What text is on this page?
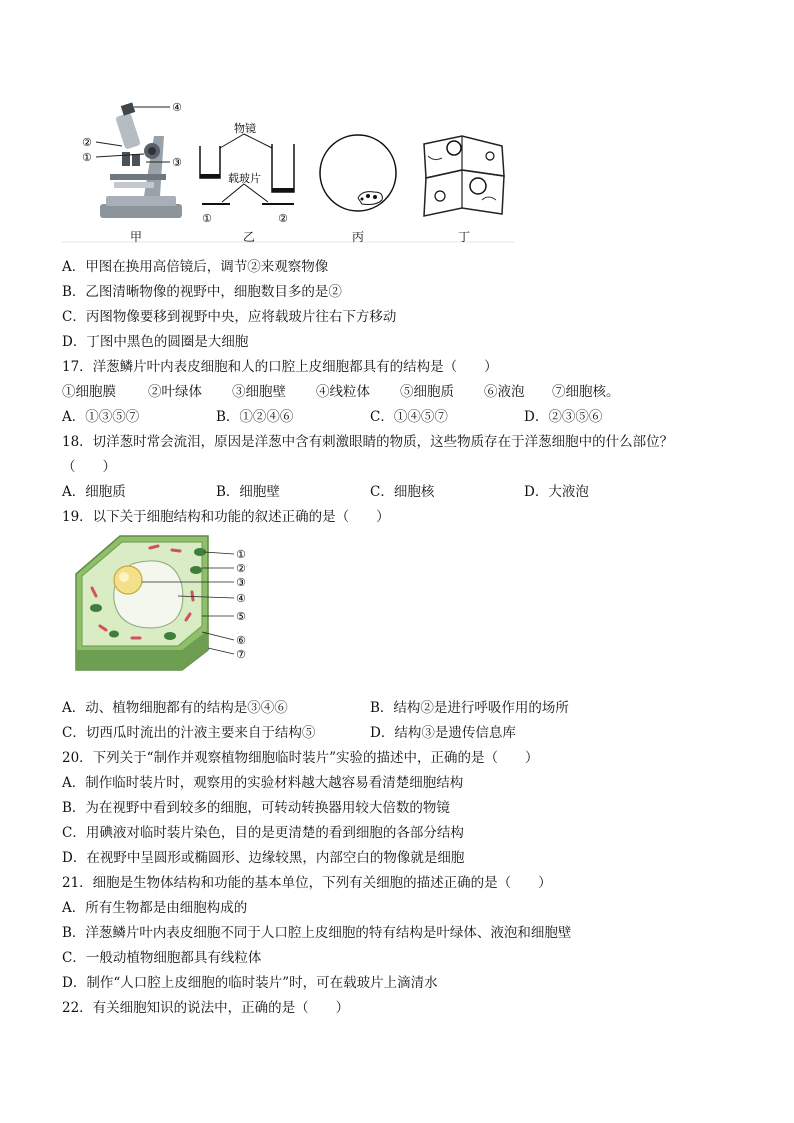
④
②
①	③
物镜
载玻片
①	②
甲	乙	丙	丁
A．甲图在换用高倍镜后，调节②来观察物像
B．乙图清晰物像的视野中，细胞数目多的是②
C．丙图物像要移到视野中央，应将载玻片往右下方移动
D．丁图中黑色的圆圈是大细胞
17．洋葱鳞片叶内表皮细胞和人的口腔上皮细胞都具有的结构是（　　）
①细胞膜 ②叶绿体 ③细胞壁 ④线粒体 ⑤细胞质 ⑥液泡 ⑦细胞核。
A．①③⑤⑦	B．①②④⑥	C．①④⑤⑦	D．②③⑤⑥
18．切洋葱时常会流泪，原因是洋葱中含有刺激眼睛的物质，这些物质存在于洋葱细胞中的什么部位？
（　　）
A．细胞质	B．细胞壁	C．细胞核	D．大液泡
19．以下关于细胞结构和功能的叙述正确的是（　　）
①
②
③
④
⑤
⑥
⑦
A．动、植物细胞都有的结构是③④⑥	B．结构②是进行呼吸作用的场所
C．切西瓜时流出的汁液主要来自于结构⑤	D．结构③是遗传信息库
20．下列关于“制作并观察植物细胞临时装片”实验的描述中，正确的是（　　）
A．制作临时装片时，观察用的实验材料越大越容易看清楚细胞结构
B．为在视野中看到较多的细胞，可转动转换器用较大倍数的物镜
C．用碘液对临时装片染色，目的是更清楚的看到细胞的各部分结构
D．在视野中呈圆形或椭圆形、边缘较黑，内部空白的物像就是细胞
21．细胞是生物体结构和功能的基本单位，下列有关细胞的描述正确的是（　　）
A．所有生物都是由细胞构成的
B．洋葱鳞片叶内表皮细胞不同于人口腔上皮细胞的特有结构是叶绿体、液泡和细胞壁
C．一般动植物细胞都具有线粒体
D．制作“人口腔上皮细胞的临时装片”时，可在载玻片上滴清水
22．有关细胞知识的说法中，正确的是（　　）
